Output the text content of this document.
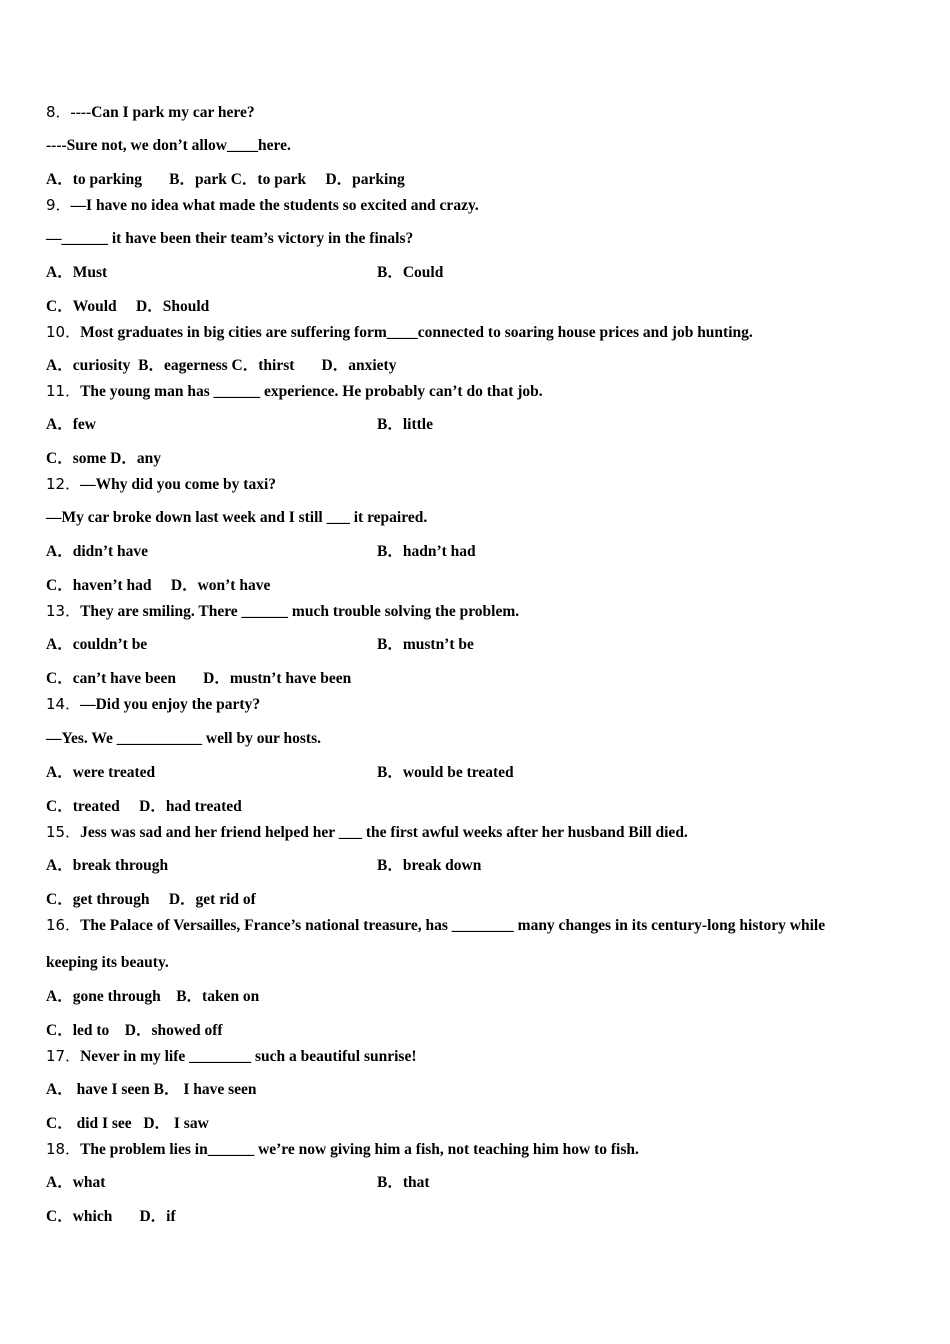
8．----Can I park my car here?
----Sure not, we don’t allow____here.
A．to parking       B．park C．to park     D．parking
9．—I have no idea what made the students so excited and crazy.
—______ it have been their team’s victory in the finals?
A．Must	B．Could
C．Would     D．Should
10．Most graduates in big cities are suffering form____connected to soaring house prices and job hunting.
A．curiosity  B．eagerness C．thirst       D．anxiety
11．The young man has ______ experience. He probably can’t do that job.
A．few	B．little
C．some D．any
12．—Why did you come by taxi?
—My car broke down last week and I still ___ it repaired.
A．didn’t have	B．hadn’t had
C．haven’t had     D．won’t have
13．They are smiling. There ______ much trouble solving the problem.
A．couldn’t be	B．mustn’t be
C．can’t have been       D．mustn’t have been
14．—Did you enjoy the party?
—Yes. We ___________ well by our hosts.
A．were treated	B．would be treated
C．treated     D．had treated
15．Jess was sad and her friend helped her ___ the first awful weeks after her husband Bill died.
A．break through	B．break down
C．get through     D．get rid of
16．The Palace of Versailles, France’s national treasure, has ________ many changes in its century-long history while
keeping its beauty.
A．gone through    B．taken on
C．led to    D．showed off
17．Never in my life ________ such a beautiful sunrise!
A． have I seen B． I have seen
C． did I see   D． I saw
18．The problem lies in______ we’re now giving him a fish, not teaching him how to fish.
A．what	B．that
C．which       D．if
